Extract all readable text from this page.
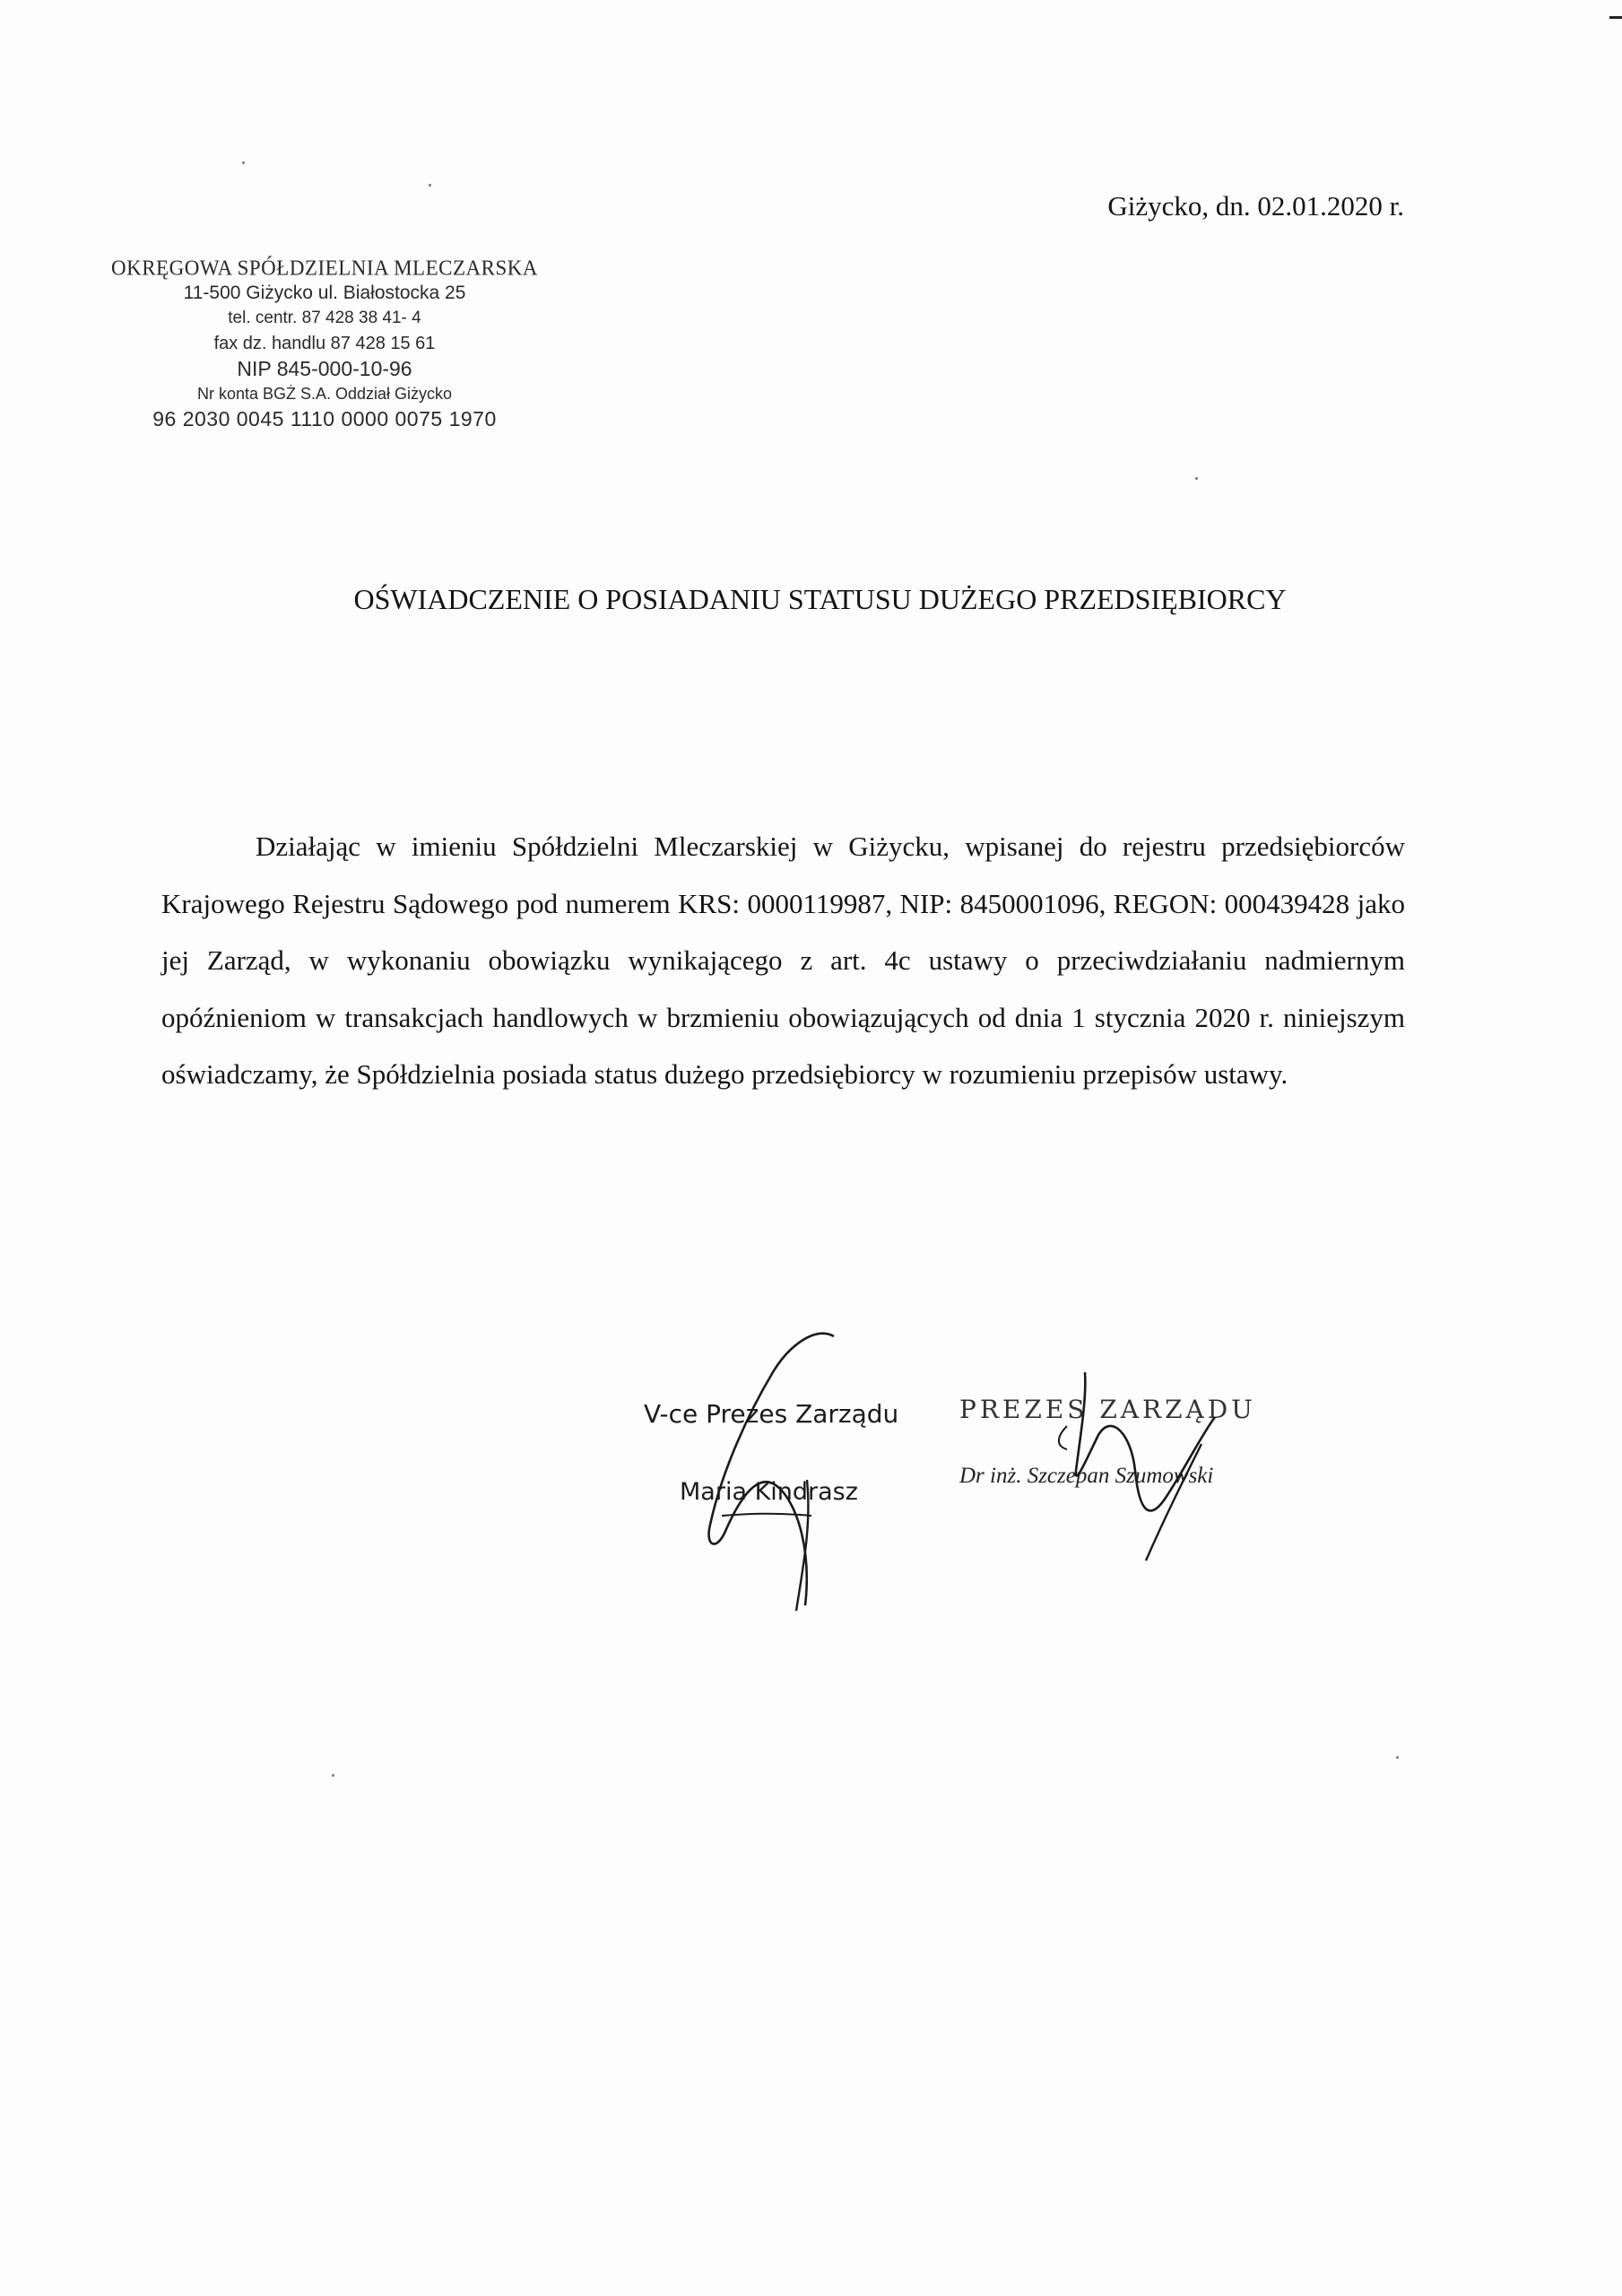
Giżycko, dn. 02.01.2020 r.
OKRĘGOWA SPÓŁDZIELNIA MLECZARSKA
11-500 Giżycko ul. Białostocka 25
tel. centr. 87 428 38 41- 4
fax dz. handlu 87 428 15 61
NIP 845-000-10-96
Nr konta BGŻ S.A. Oddział Giżycko
96 2030 0045 1110 0000 0075 1970
OŚWIADCZENIE O POSIADANIU STATUSU DUŻEGO PRZEDSIĘBIORCY

Działając w imieniu Spółdzielni Mleczarskiej w Giżycku, wpisanej do rejestru przedsiębiorców Krajowego Rejestru Sądowego pod numerem KRS: 0000119987, NIP: 8450001096, REGON: 000439428 jako jej Zarząd, w wykonaniu obowiązku wynikającego z art. 4c ustawy o przeciwdziałaniu nadmiernym opóźnieniom w transakcjach handlowych w brzmieniu obowiązujących od dnia 1 stycznia 2020 r. niniejszym oświadczamy, że Spółdzielnia posiada status dużego przedsiębiorcy w rozumieniu przepisów ustawy.

V-ce Prezes Zarządu
Maria Kindrasz
PREZES ZARZĄDU
Dr inż. Szczepan Szumowski
